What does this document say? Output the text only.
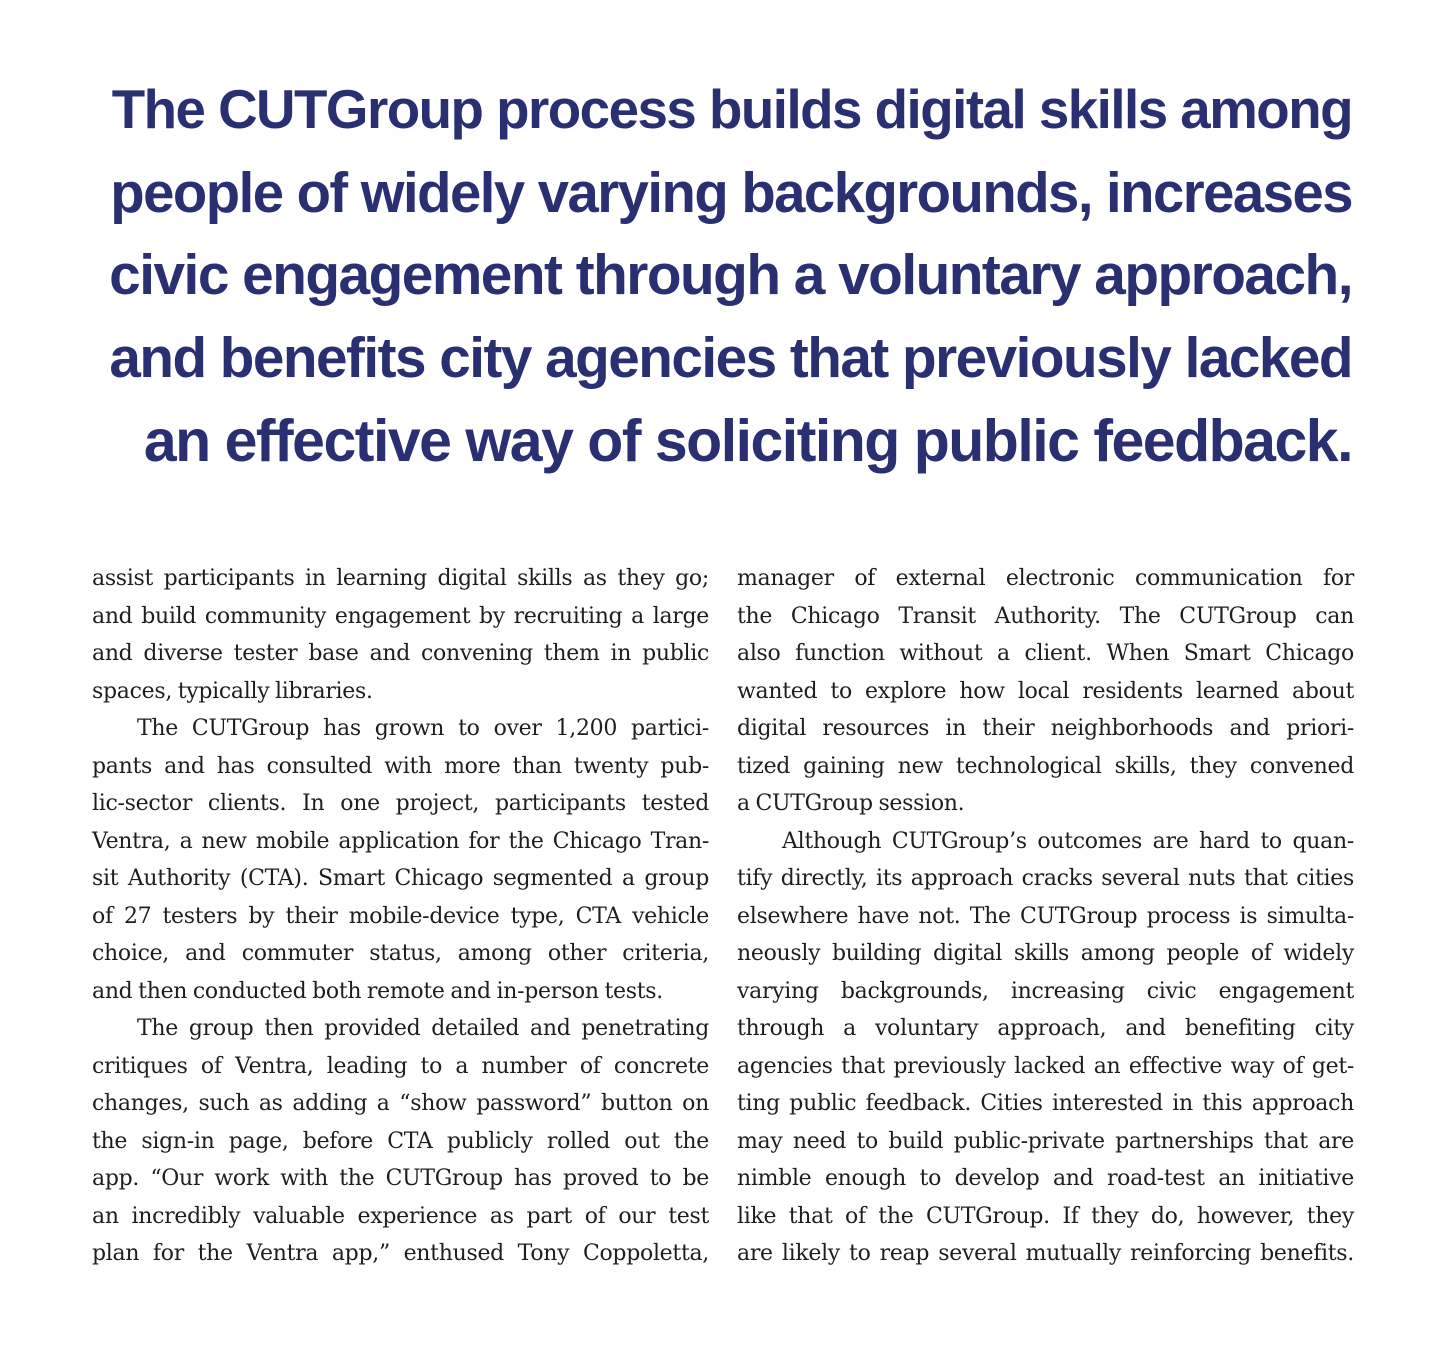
The CUTGroup process builds digital skills among
people of widely varying backgrounds, increases
civic engagement through a voluntary approach,
and benefits city agencies that previously lacked
an effective way of soliciting public feedback.
assist participants in learning digital skills as they go;
and build community engagement by recruiting a large
and diverse tester base and convening them in public
spaces, typically libraries.
The CUTGroup has grown to over 1,200 partici-
pants and has consulted with more than twenty pub-
lic-sector clients. In one project, participants tested
Ventra, a new mobile application for the Chicago Tran-
sit Authority (CTA). Smart Chicago segmented a group
of 27 testers by their mobile-device type, CTA vehicle
choice, and commuter status, among other criteria,
and then conducted both remote and in-person tests.
The group then provided detailed and penetrating
critiques of Ventra, leading to a number of concrete
changes, such as adding a “show password” button on
the sign-in page, before CTA publicly rolled out the
app. “Our work with the CUTGroup has proved to be
an incredibly valuable experience as part of our test
plan for the Ventra app,” enthused Tony Coppoletta,
manager of external electronic communication for
the Chicago Transit Authority. The CUTGroup can
also function without a client. When Smart Chicago
wanted to explore how local residents learned about
digital resources in their neighborhoods and priori-
tized gaining new technological skills, they convened
a CUTGroup session.
Although CUTGroup’s outcomes are hard to quan-
tify directly, its approach cracks several nuts that cities
elsewhere have not. The CUTGroup process is simulta-
neously building digital skills among people of widely
varying backgrounds, increasing civic engagement
through a voluntary approach, and benefiting city
agencies that previously lacked an effective way of get-
ting public feedback. Cities interested in this approach
may need to build public-private partnerships that are
nimble enough to develop and road-test an initiative
like that of the CUTGroup. If they do, however, they
are likely to reap several mutually reinforcing benefits.
